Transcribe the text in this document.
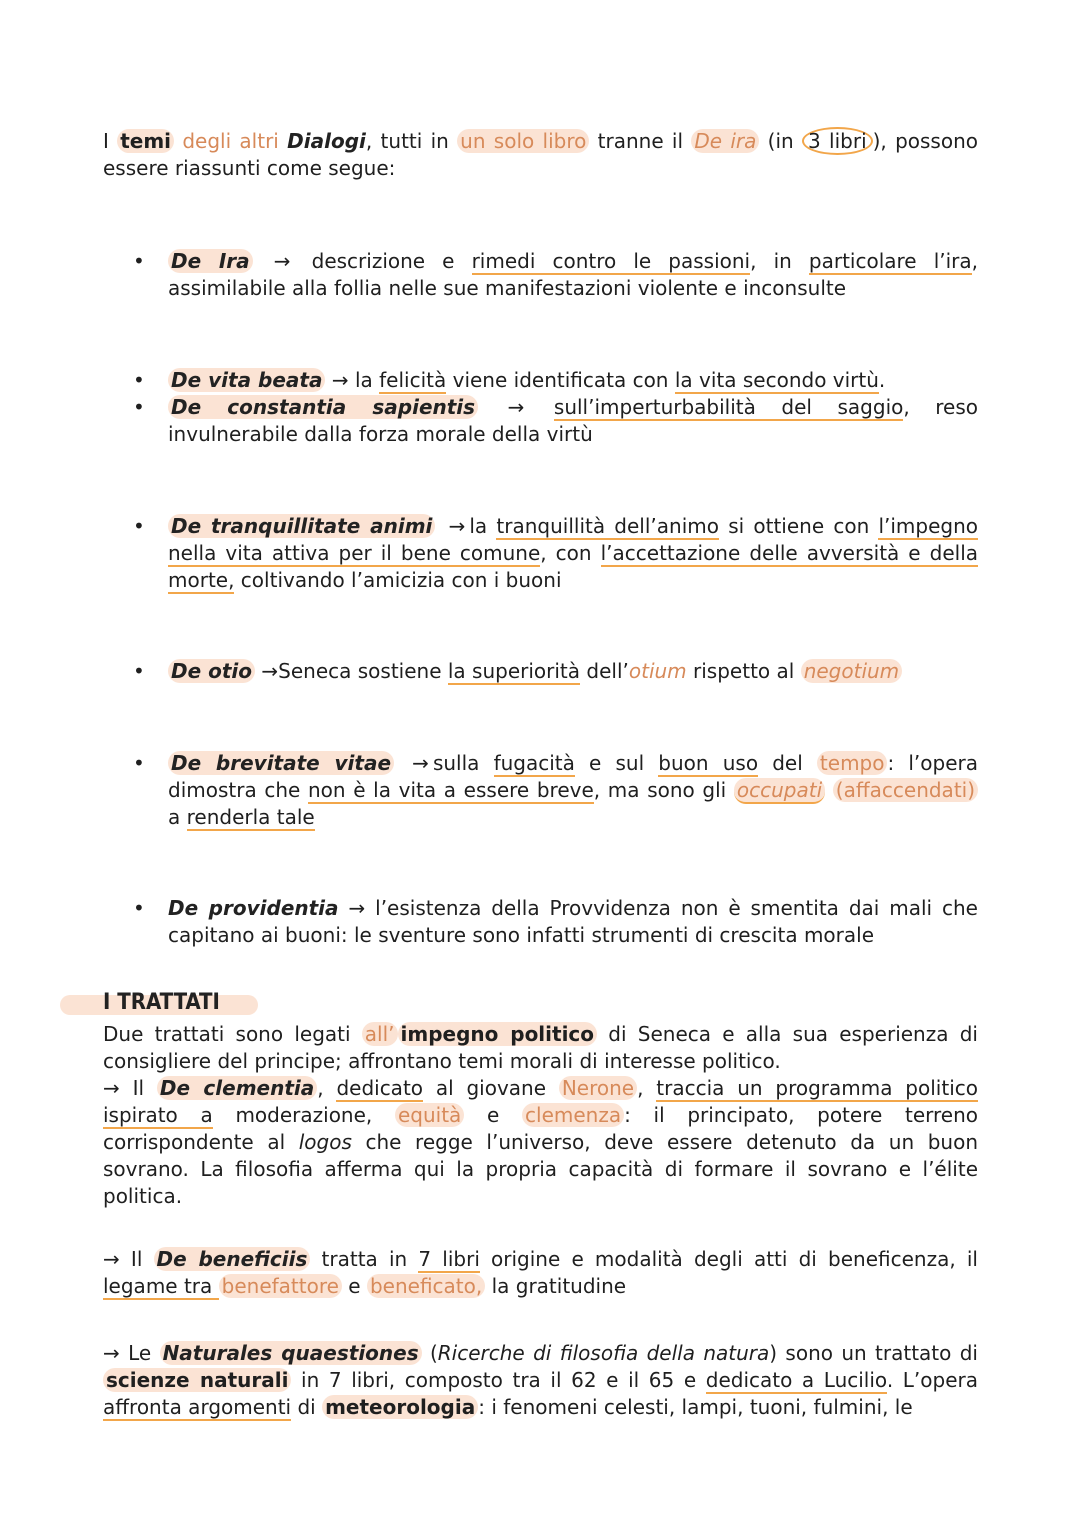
I temi degli altri Dialogi, tutti in un solo libro tranne il De ira (in 3 libri ), possono essere riassunti come segue:
• De Ira → descrizione e rimedi contro le passioni, in particolare l’ira, assimilabile alla follia nelle sue manifestazioni violente e inconsulte
• De vita beata → la felicità viene identificata con la vita secondo virtù.
• De constantia sapientis → sull’imperturbabilità del saggio, reso invulnerabile dalla forza morale della virtù
• De tranquillitate animi → la tranquillità dell’animo si ottiene con l’impegno nella vita attiva per il bene comune, con l’accettazione delle avversità e della morte, coltivando l’amicizia con i buoni
• De otio →Seneca sostiene la superiorità dell’otium rispetto al negotium
• De brevitate vitae → sulla fugacità e sul buon uso del tempo : l’opera dimostra che non è la vita a essere breve, ma sono gli occupati (affaccendati) a renderla tale
• De providentia → l’esistenza della Provvidenza non è smentita dai mali che capitano ai buoni: le sventure sono infatti strumenti di crescita morale
I TRATTATI
Due trattati sono legati all’ impegno politico di Seneca e alla sua esperienza di consigliere del principe; affrontano temi morali di interesse politico.
→ Il De clementia , dedicato al giovane Nerone , traccia un programma politico ispirato a moderazione, equità e clemenza : il principato, potere terreno corrispondente al logos che regge l’universo, deve essere detenuto da un buon sovrano. La filosofia afferma qui la propria capacità di formare il sovrano e l’élite politica.
→ Il De beneficiis tratta in 7 libri origine e modalità degli atti di beneficenza, il legame tra benefattore e beneficato, la gratitudine
→ Le Naturales quaestiones (Ricerche di filosofia della natura) sono un trattato di scienze naturali in 7 libri, composto tra il 62 e il 65 e dedicato a Lucilio. L’opera affronta argomenti di meteorologia : i fenomeni celesti, lampi, tuoni, fulmini, le
